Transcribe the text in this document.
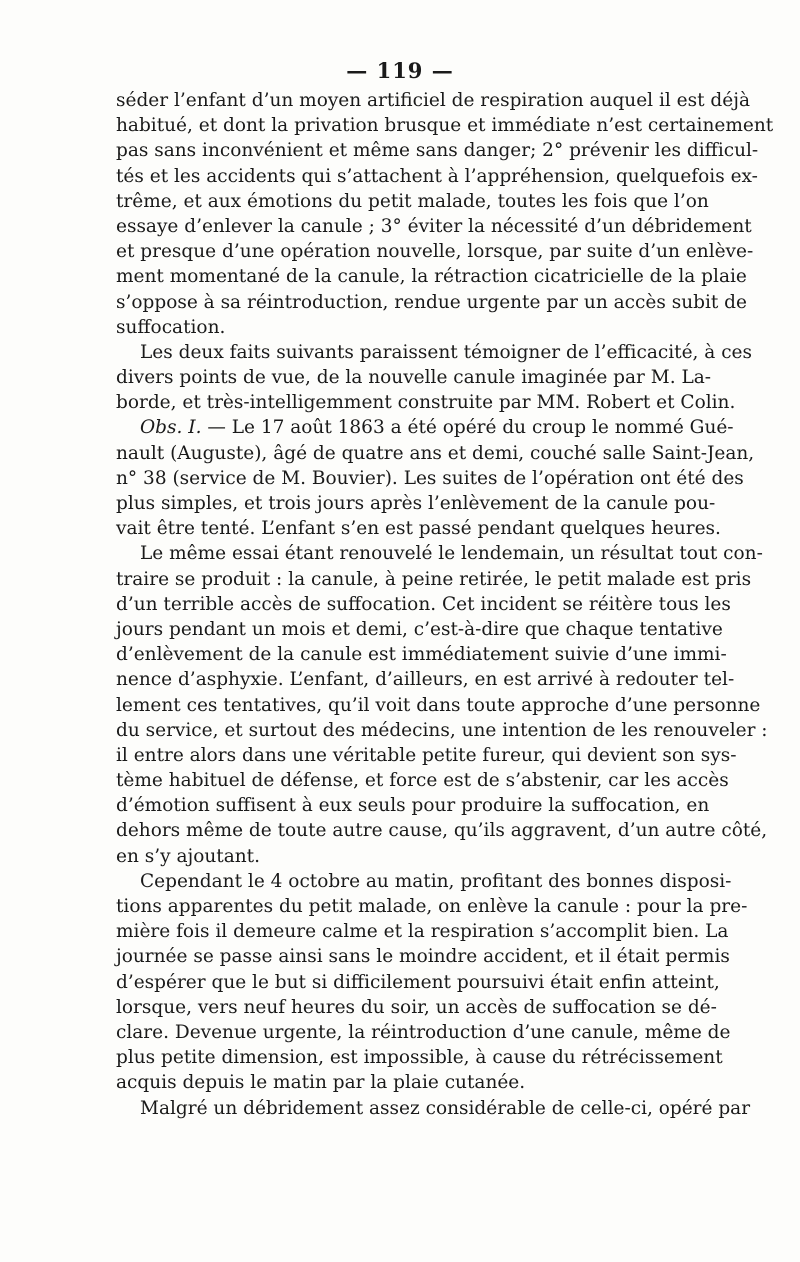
— 119 —
séder l’enfant d’un moyen artificiel de respiration auquel il est déjà
habitué, et dont la privation brusque et immédiate n’est certainement
pas sans inconvénient et même sans danger; 2° prévenir les difficul-
tés et les accidents qui s’attachent à l’appréhension, quelquefois ex-
trême, et aux émotions du petit malade, toutes les fois que l’on
essaye d’enlever la canule ; 3° éviter la nécessité d’un débridement
et presque d’une opération nouvelle, lorsque, par suite d’un enlève-
ment momentané de la canule, la rétraction cicatricielle de la plaie
s’oppose à sa réintroduction, rendue urgente par un accès subit de
suffocation.
Les deux faits suivants paraissent témoigner de l’efficacité, à ces
divers points de vue, de la nouvelle canule imaginée par M. La-
borde, et très-intelligemment construite par MM. Robert et Colin.
Obs. I. — Le 17 août 1863 a été opéré du croup le nommé Gué-
nault (Auguste), âgé de quatre ans et demi, couché salle Saint-Jean,
n° 38 (service de M. Bouvier). Les suites de l’opération ont été des
plus simples, et trois jours après l’enlèvement de la canule pou-
vait être tenté. L’enfant s’en est passé pendant quelques heures.
Le même essai étant renouvelé le lendemain, un résultat tout con-
traire se produit : la canule, à peine retirée, le petit malade est pris
d’un terrible accès de suffocation. Cet incident se réitère tous les
jours pendant un mois et demi, c’est-à-dire que chaque tentative
d’enlèvement de la canule est immédiatement suivie d’une immi-
nence d’asphyxie. L’enfant, d’ailleurs, en est arrivé à redouter tel-
lement ces tentatives, qu’il voit dans toute approche d’une personne
du service, et surtout des médecins, une intention de les renouveler :
il entre alors dans une véritable petite fureur, qui devient son sys-
tème habituel de défense, et force est de s’abstenir, car les accès
d’émotion suffisent à eux seuls pour produire la suffocation, en
dehors même de toute autre cause, qu’ils aggravent, d’un autre côté,
en s’y ajoutant.
Cependant le 4 octobre au matin, profitant des bonnes disposi-
tions apparentes du petit malade, on enlève la canule : pour la pre-
mière fois il demeure calme et la respiration s’accomplit bien. La
journée se passe ainsi sans le moindre accident, et il était permis
d’espérer que le but si difficilement poursuivi était enfin atteint,
lorsque, vers neuf heures du soir, un accès de suffocation se dé-
clare. Devenue urgente, la réintroduction d’une canule, même de
plus petite dimension, est impossible, à cause du rétrécissement
acquis depuis le matin par la plaie cutanée.
Malgré un débridement assez considérable de celle-ci, opéré par
